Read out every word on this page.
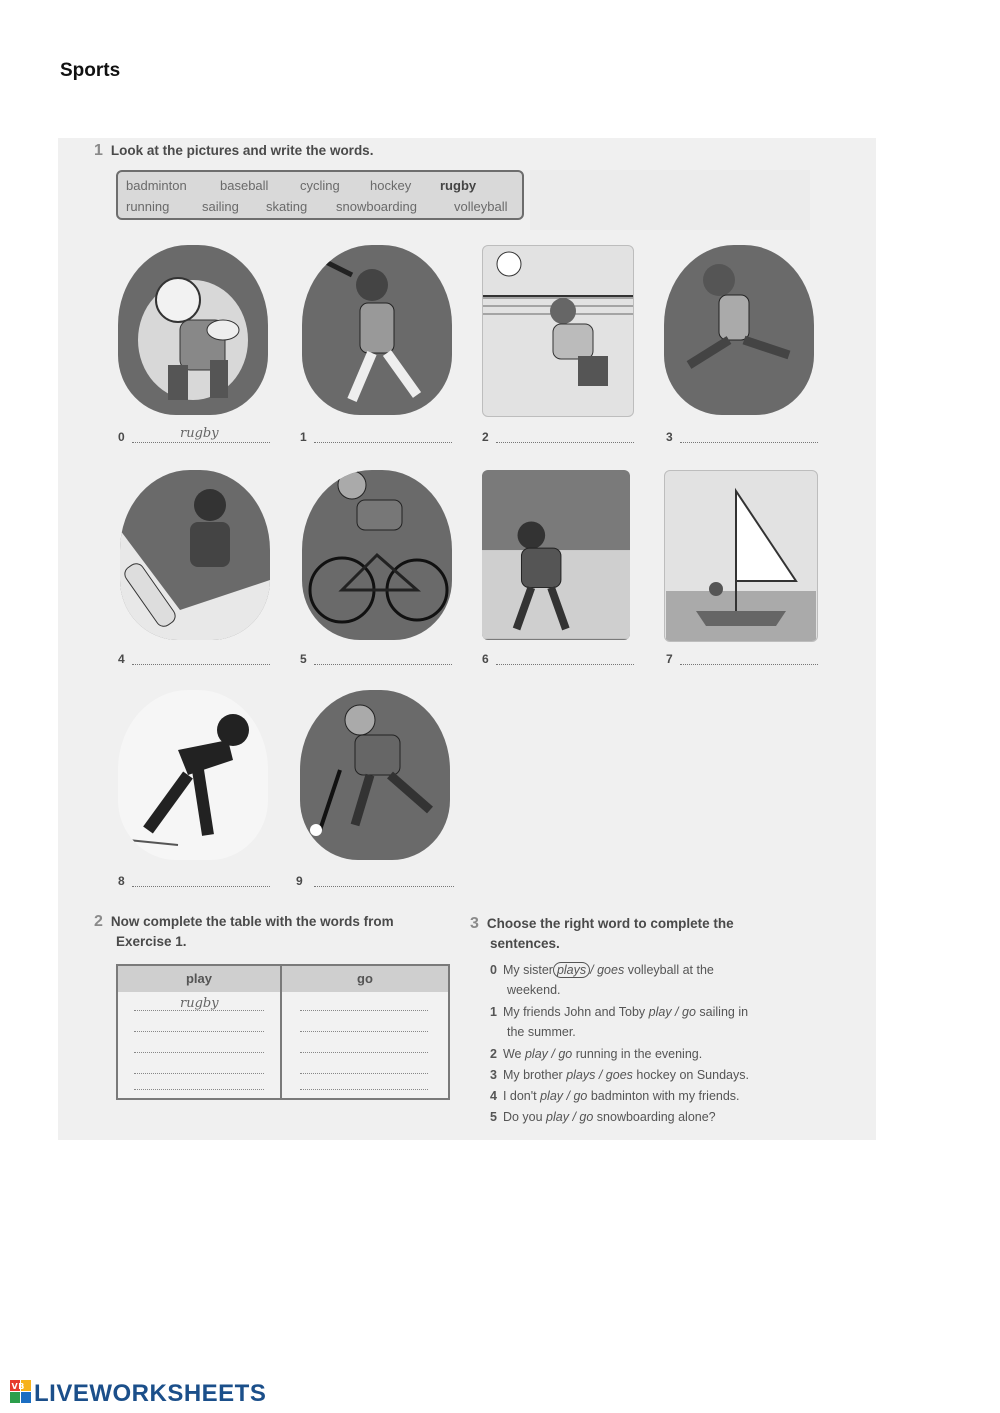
Sports
1 Look at the pictures and write the words.
badminton	baseball cycling hockey rugby
running	sailing skating snowboarding	volleyball
0	rugby	1	2	3
4	5	6	7
8	9
2 Now complete the table with the words from
Exercise 1.
play	go
rugby
3 Choose the right word to complete the
sentences.
0 My sister plays / goes volleyball at the
weekend.
1 My friends John and Toby play / go sailing in
the summer.
2 We play / go running in the evening.
3 My brother plays / goes hockey on Sundays.
4 I don't play / go badminton with my friends.
5 Do you play / go snowboarding alone?
VB LIVEWORKSHEETS
